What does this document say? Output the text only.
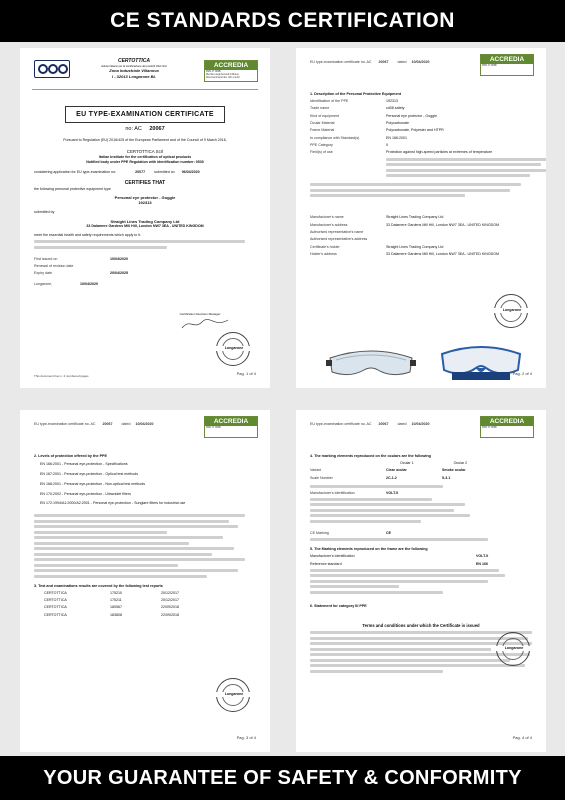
CE STANDARDS CERTIFICATION
CERTOTTICA
Istituto Italiano per la Certificazione dei prodotti Ottici Scrl
Zona Industriale Villanova
I - 32013 Longarone BL
ACCREDIA
PRD N° 083B
Membro degli Accordi di Mutuo Riconoscimento EA, IAF e ILAC
EU TYPE-EXAMINATION CERTIFICATE
no: AC 20067
Pursuant to Regulation (EU) 2016/425 of the European Parliament and of the Council of 9 March 2016,
CERTOTTICA Scrl
Italian Institute for the certification of optical products
Notified body under PPE Regulation with identification number: 0530
considering application for EU type-examination no:	20077	submitted on 06/04/2020
CERTIFIES THAT
the following personal protective equipment type
Personal eye protector - Goggle
192313
submitted by
Straight Lines Trading Company Ltd
33 Dalamere Gardens Mill Hill, London NW7 3EA - UNITED KINGDOM
meet the essential health and safety requirements which apply to it.
First issued on	10/04/2020
Renewal of revision date
Expiry date	20/04/2025
Longarone,	10/04/2020
Certification Decision Manager
Longarone
This document has n. 4 numbered pages
Pag. 1 of 4
EU type-examination certificate no. AC 20067	dated 10/04/2020	ACCREDIA
PRD N° 083B
1. Description of the Personal Protective Equipment
Identification of the PPE	192313
Trade name	cd08 safety
Kind of equipment	Personal eye protector - Goggle
Ocular Material	Polycarbonate
Frame Material	Polycarbonate, Polyester and HTPR
In compliance with Standard(s)	EN 166:2001
PPE Category	II
Field(s) of use	Protection against high-speed particles at extremes of temperature
Manufacturer's name	Straight Lines Trading Company Ltd
Manufacturer's address	33 Dalamere Gardens Mill Hill, London NW7 3EA - UNITED KINGDOM
Authorised representative's name
Authorised representative's address
Certificate's holder	Straight Lines Trading Company Ltd
Holder's address	33 Dalamere Gardens Mill Hill, London NW7 3EA - UNITED KINGDOM
Longarone
Pag. 2 of 4
EU type-examination certificate no. AC 20067	dated 10/04/2020	ACCREDIA
PRD N° 083B
2. Levels of protection offered by the PPE
EN 166:2001 - Personal eye-protection - Specifications
EN 167:2001 - Personal eye-protection - Optical test methods
EN 168:2001 - Personal eye-protection - Non-optical test methods
EN 170:2002 - Personal eye-protection - Ultraviolet filters
EN 172:1994/A1:2000/A2:2001 - Personal eye-protection - Sunglare filters for industrial use
3. Test and examinations results are covered by the following test reports
CERTOTTICA	175210	20/12/2017
CERTOTTICA	175211	20/12/2017
CERTOTTICA	180567	22/09/2018
CERTOTTICA	183808	22/09/2018
Longarone
Pag. 3 of 4
EU type-examination certificate no. AC 20067	dated 10/04/2020	ACCREDIA
PRD N° 083B
4. The marking elements reproduced on the oculars are the following
Ocular 1	Ocular 2
Variant	Clear ocular	Smoke ocular
Scale Number	2C-1.2	5-3.1
Manufacturer's identification	VOLT.X
CE Marking	CE
5. The Marking elements reproduced on the frame are the following
Manufacturer's identification	VOLT.X
Reference standard	EN 166
6. Statement for category III PPE
Terms and conditions under which the Certificate is issued
Longarone
Pag. 4 of 4
YOUR GUARANTEE OF SAFETY & CONFORMITY
